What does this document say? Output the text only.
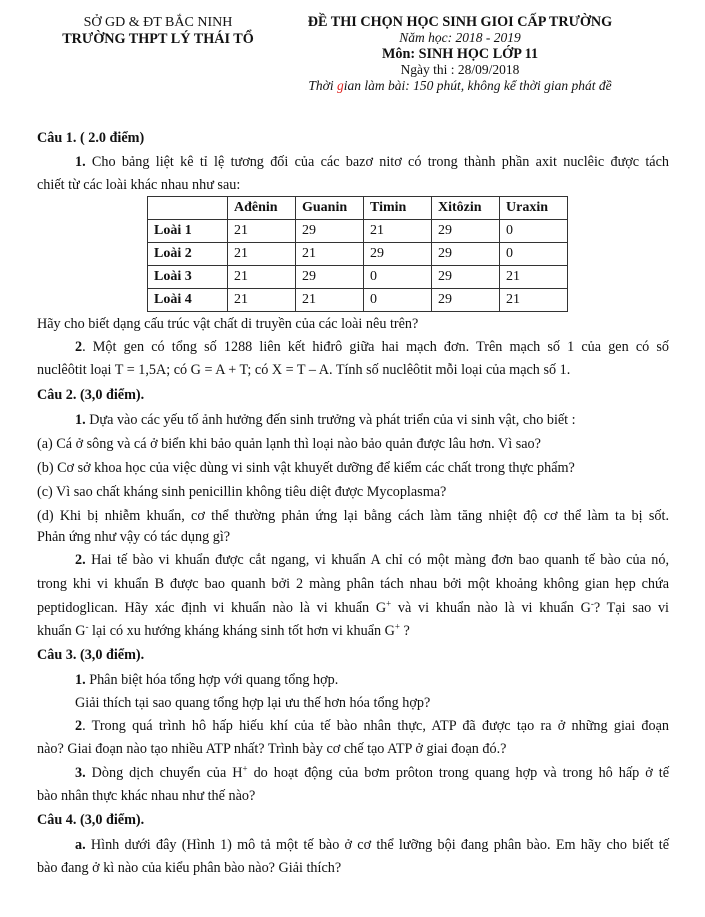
SỞ GD & ĐT BẮC NINH
TRƯỜNG THPT LÝ THÁI TỔ
ĐỀ THI CHỌN HỌC SINH GIOI CẤP TRƯỜNG
Năm học: 2018 - 2019
Môn: SINH HỌC LỚP 11
Ngày thi : 28/09/2018
Thời gian làm bài: 150 phút, không kể thời gian phát đề
Câu 1. ( 2.0 điểm)
1. Cho bảng liệt kê tỉ lệ tương đối của các bazơ nitơ có trong thành phần axit nuclêic được tách
chiết từ các loài khác nhau như sau:
	Ađênin	Guanin	Timin	Xitôzin	Uraxin
Loài 1	21	29	21	29	0
Loài 2	21	21	29	29	0
Loài 3	21	29	0	29	21
Loài 4	21	21	0	29	21
Hãy cho biết dạng cấu trúc vật chất di truyền của các loài nêu trên?
2. Một gen có tổng số 1288 liên kết hiđrô giữa hai mạch đơn. Trên mạch số 1 của gen có số
nuclêôtit loại T = 1,5A; có G = A + T; có X = T – A. Tính số nuclêôtit mỗi loại của mạch số 1.
Câu 2. (3,0 điểm).
1. Dựa vào các yếu tố ảnh hưởng đến sinh trưởng và phát triển của vi sinh vật, cho biết :
(a) Cá ở sông và cá ở biển khi bảo quản lạnh thì loại nào bảo quản được lâu hơn. Vì sao?
(b) Cơ sở khoa học của việc dùng vi sinh vật khuyết dưỡng để kiểm các chất trong thực phẩm?
(c) Vì sao chất kháng sinh penicillin không tiêu diệt được Mycoplasma?
(d) Khi bị nhiễm khuẩn, cơ thể thường phản ứng lại bằng cách làm tăng nhiệt độ cơ thể làm ta bị sốt.
Phản ứng như vậy có tác dụng gì?
2. Hai tế bào vi khuẩn được cắt ngang, vi khuẩn A chỉ có một màng đơn bao quanh tế bào của nó,
trong khi vi khuẩn B được bao quanh bởi 2 màng phân tách nhau bởi một khoảng không gian hẹp chứa
peptidoglican. Hãy xác định vi khuẩn nào là vi khuẩn G+ và vi khuẩn nào là vi khuẩn G-? Tại sao vi
khuẩn G- lại có xu hướng kháng kháng sinh tốt hơn vi khuẩn G+ ?
Câu 3. (3,0 điểm).
1. Phân biệt hóa tổng hợp với quang tổng hợp.
Giải thích tại sao quang tổng hợp lại ưu thế hơn hóa tổng hợp?
2. Trong quá trình hô hấp hiếu khí của tế bào nhân thực, ATP đã được tạo ra ở những giai đoạn
nào? Giai đoạn nào tạo nhiều ATP nhất? Trình bày cơ chế tạo ATP ở giai đoạn đó.?
3. Dòng dịch chuyển của H+ do hoạt động của bơm prôton trong quang hợp và trong hô hấp ở tế
bào nhân thực khác nhau như thế nào?
Câu 4. (3,0 điểm).
a. Hình dưới đây (Hình 1) mô tả một tế bào ở cơ thể lưỡng bội đang phân bào. Em hãy cho biết tế
bào đang ở kì nào của kiểu phân bào nào? Giải thích?
